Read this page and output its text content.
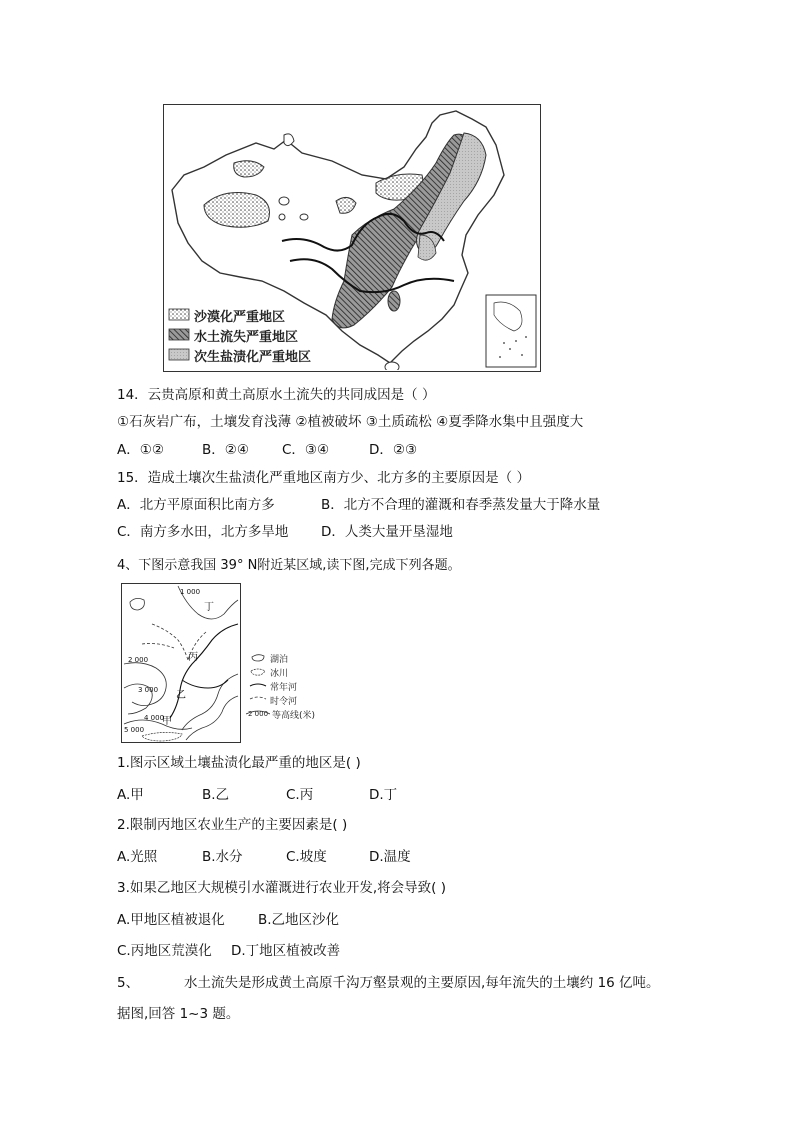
沙漠化严重地区
水土流失严重地区
次生盐渍化严重地区
14．云贵高原和黄土高原水土流失的共同成因是（ ）
①石灰岩广布，土壤发育浅薄 ②植被破坏 ③土质疏松 ④夏季降水集中且强度大
A．①②	B．②④ C．③④	D．②③
15．造成土壤次生盐渍化严重地区南方少、北方多的主要原因是（ ）
A．北方平原面积比南方多	B．北方不合理的灌溉和春季蒸发量大于降水量
C．南方多水田，北方多旱地 D．人类大量开垦湿地
4、下图示意我国 39° N附近某区域,读下图,完成下列各题。
丁
丙
乙
甲
1 000
2 000
3 000
4 000
5 000
湖泊
冰川
常年河
时令河
2 000 等高线(米)
1.图示区域土壤盐渍化最严重的地区是( )
A.甲	B.乙	C.丙	D.丁
2.限制丙地区农业生产的主要因素是( )
A.光照	B.水分	C.坡度	D.温度
3.如果乙地区大规模引水灌溉进行农业开发,将会导致( )
A.甲地区植被退化 B.乙地区沙化
C.丙地区荒漠化 D.丁地区植被改善
5、	水土流失是形成黄土高原千沟万壑景观的主要原因,每年流失的土壤约 16 亿吨。
据图,回答 1~3 题。
